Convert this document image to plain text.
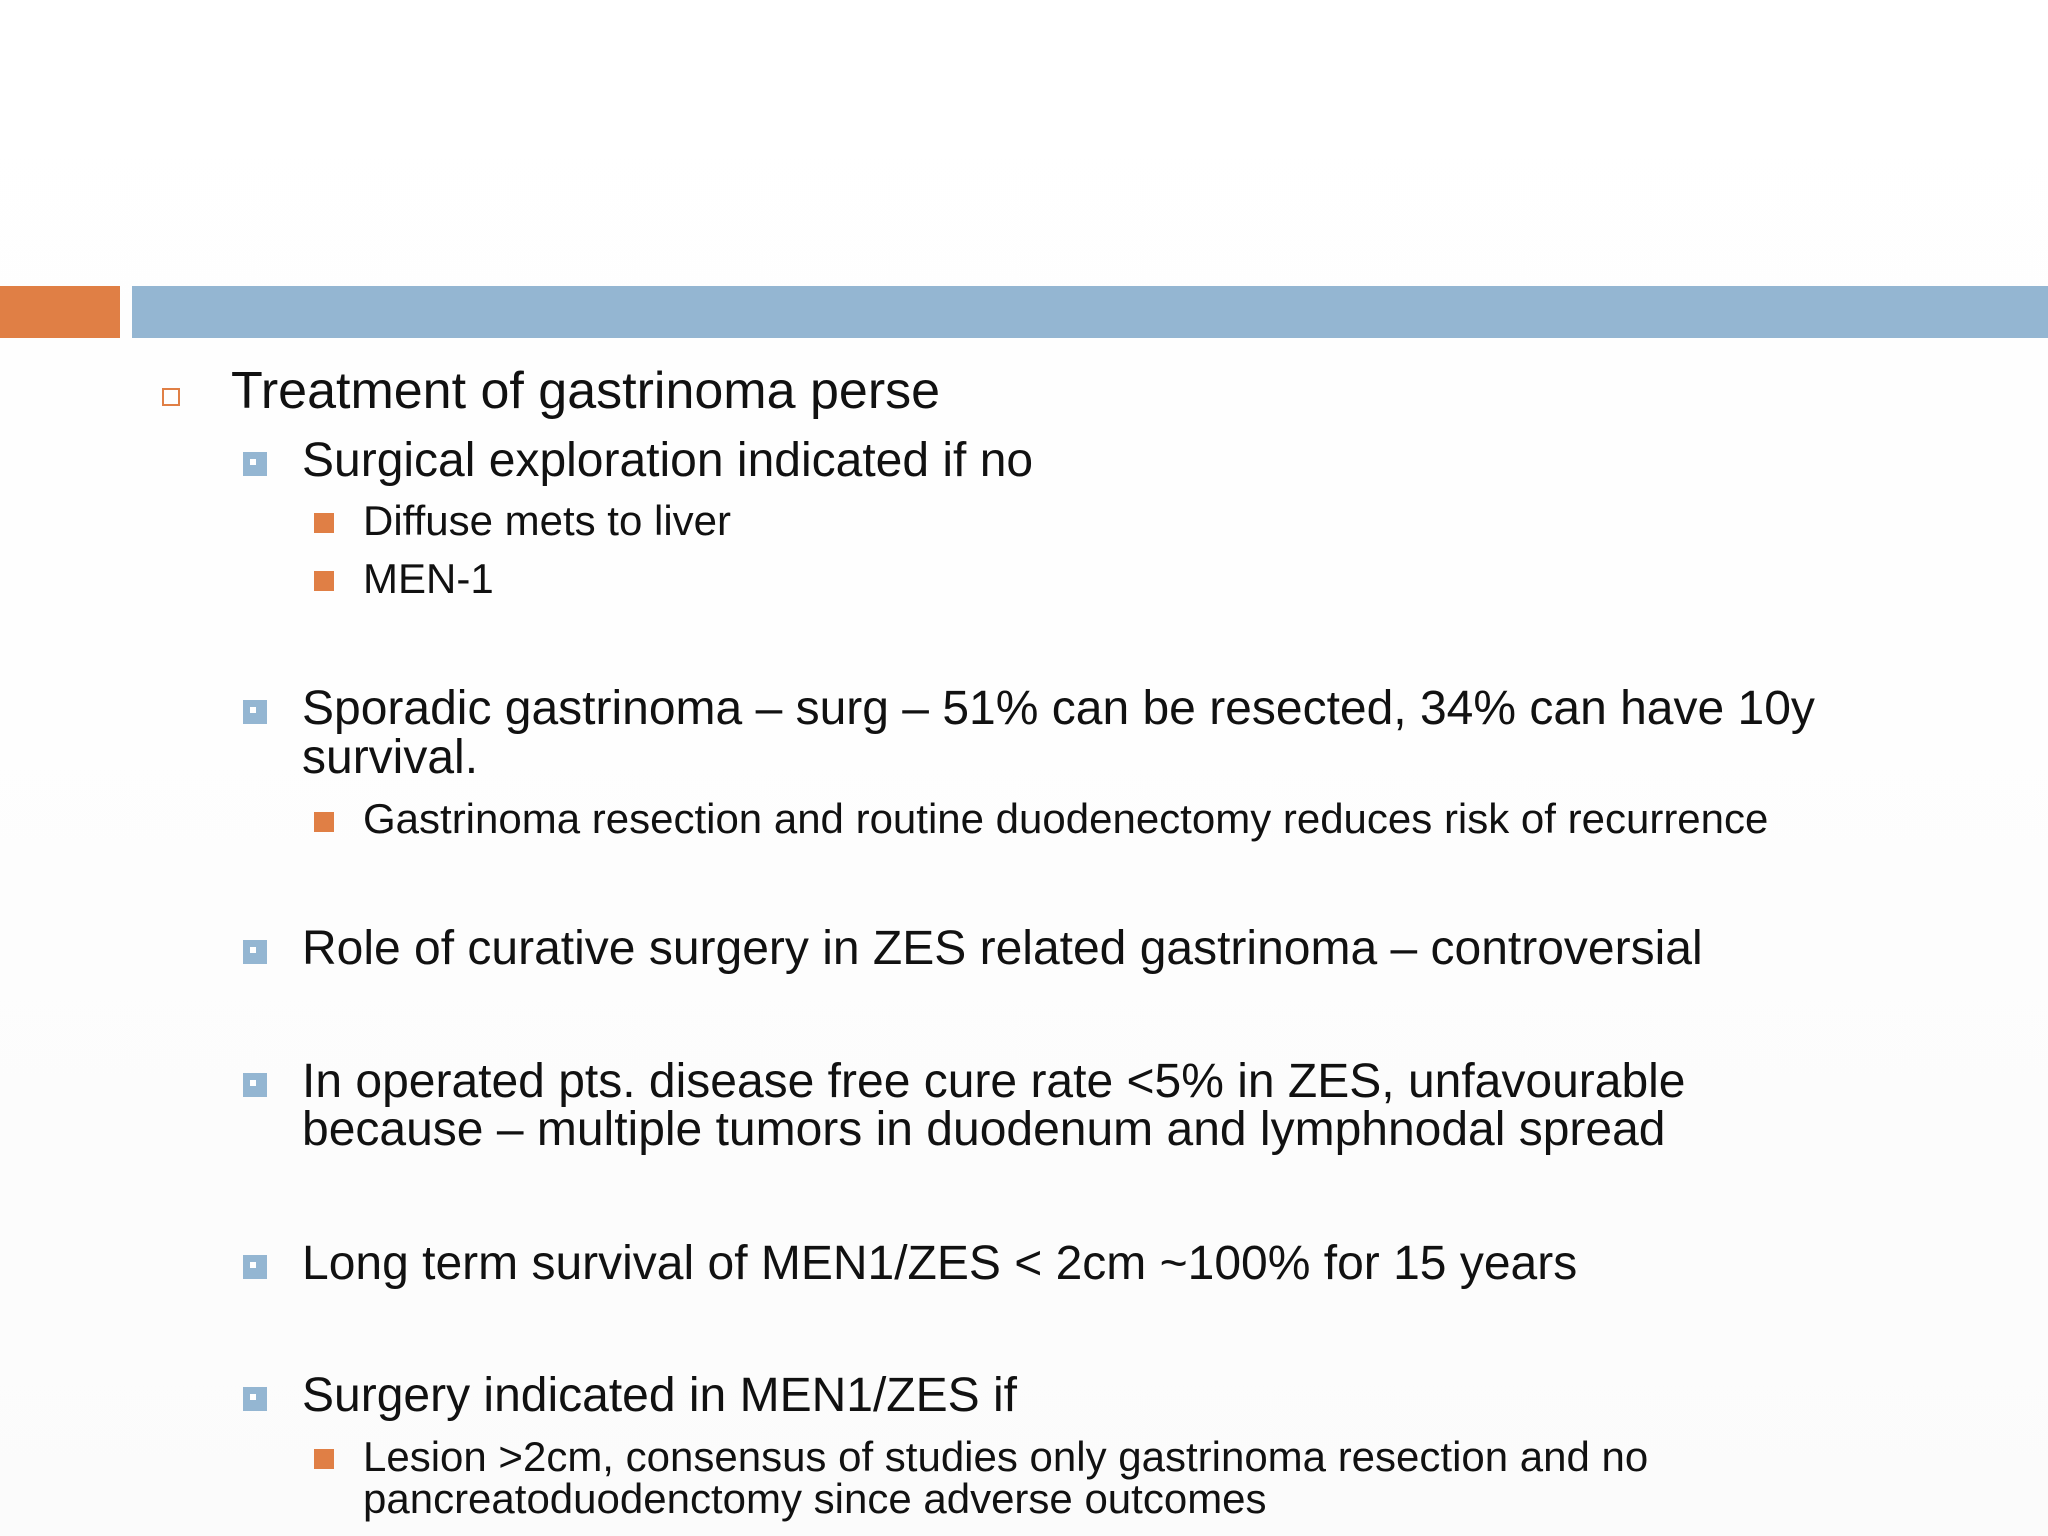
Treatment of gastrinoma perse
Surgical exploration indicated if no
Diffuse mets to liver
MEN-1
Sporadic gastrinoma – surg – 51% can be resected, 34% can have 10y
survival.
Gastrinoma resection and routine duodenectomy reduces risk of recurrence
Role of curative surgery in ZES related gastrinoma – controversial
In operated pts. disease free cure rate <5% in ZES, unfavourable
because – multiple tumors in duodenum and lymphnodal spread
Long term survival of MEN1/ZES < 2cm ~100% for 15 years
Surgery indicated in MEN1/ZES if
Lesion >2cm, consensus of studies only gastrinoma resection and no
pancreatoduodenctomy since adverse outcomes
